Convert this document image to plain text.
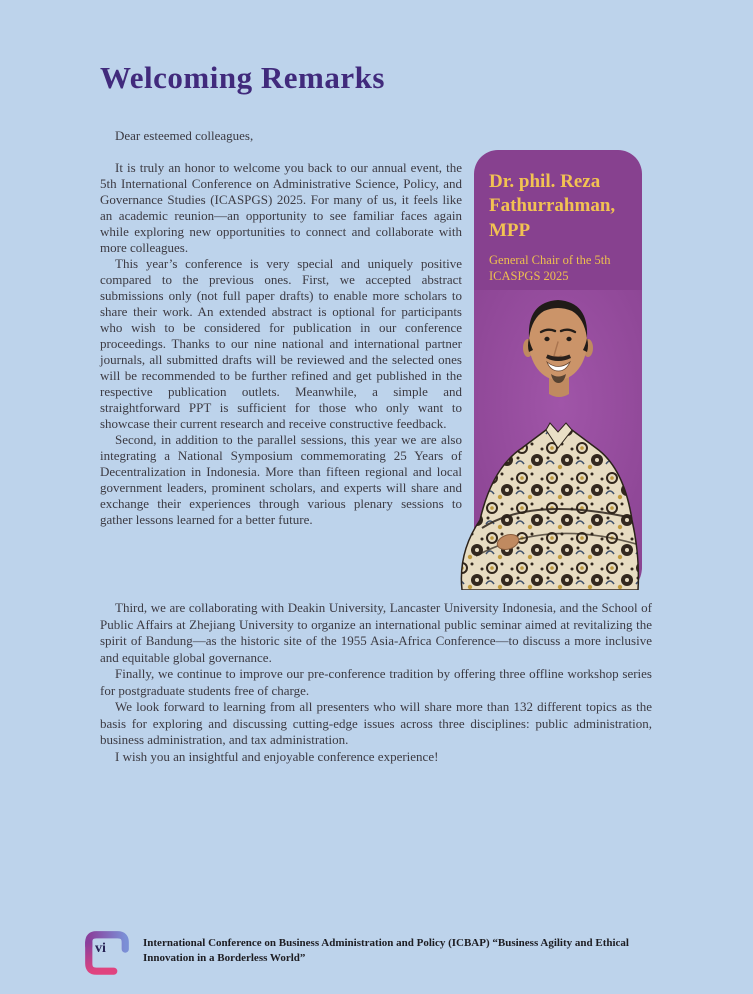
Welcoming Remarks

Dear esteemed colleagues,

It is truly an honor to welcome you back to our annual event, the 5th International Conference on Administrative Science, Policy, and Governance Studies (ICASPGS) 2025. For many of us, it feels like an academic reunion—an opportunity to see familiar faces again while exploring new opportunities to connect and collaborate with more colleagues.

This year’s conference is very special and uniquely positive compared to the previous ones. First, we accepted abstract submissions only (not full paper drafts) to enable more scholars to share their work. An extended abstract is optional for participants who wish to be considered for publication in our conference proceedings. Thanks to our nine national and international partner journals, all submitted drafts will be reviewed and the selected ones will be recommended to be further refined and get published in the respective publication outlets. Meanwhile, a simple and straightforward PPT is sufficient for those who only want to showcase their current research and receive constructive feedback.

Second, in addition to the parallel sessions, this year we are also integrating a National Symposium commemorating 25 Years of Decentralization in Indonesia. More than fifteen regional and local government leaders, prominent scholars, and experts will share and exchange their experiences through various plenary sessions to gather lessons learned for a better future.

Dr. phil. Reza Fathurrahman, MPP

General Chair of the 5th ICASPGS 2025

Third, we are collaborating with Deakin University, Lancaster University Indonesia, and the School of Public Affairs at Zhejiang University to organize an international public seminar aimed at revitalizing the spirit of Bandung—as the historic site of the 1955 Asia-Africa Conference—to discuss a more inclusive and equitable global governance.

Finally, we continue to improve our pre-conference tradition by offering three offline workshop series for postgraduate students free of charge.

We look forward to learning from all presenters who will share more than 132 different topics as the basis for exploring and discussing cutting-edge issues across three disciplines: public administration, business administration, and tax administration.

I wish you an insightful and enjoyable conference experience!

vi	International Conference on Business Administration and Policy (ICBAP) “Business Agility and Ethical Innovation in a Borderless World”
